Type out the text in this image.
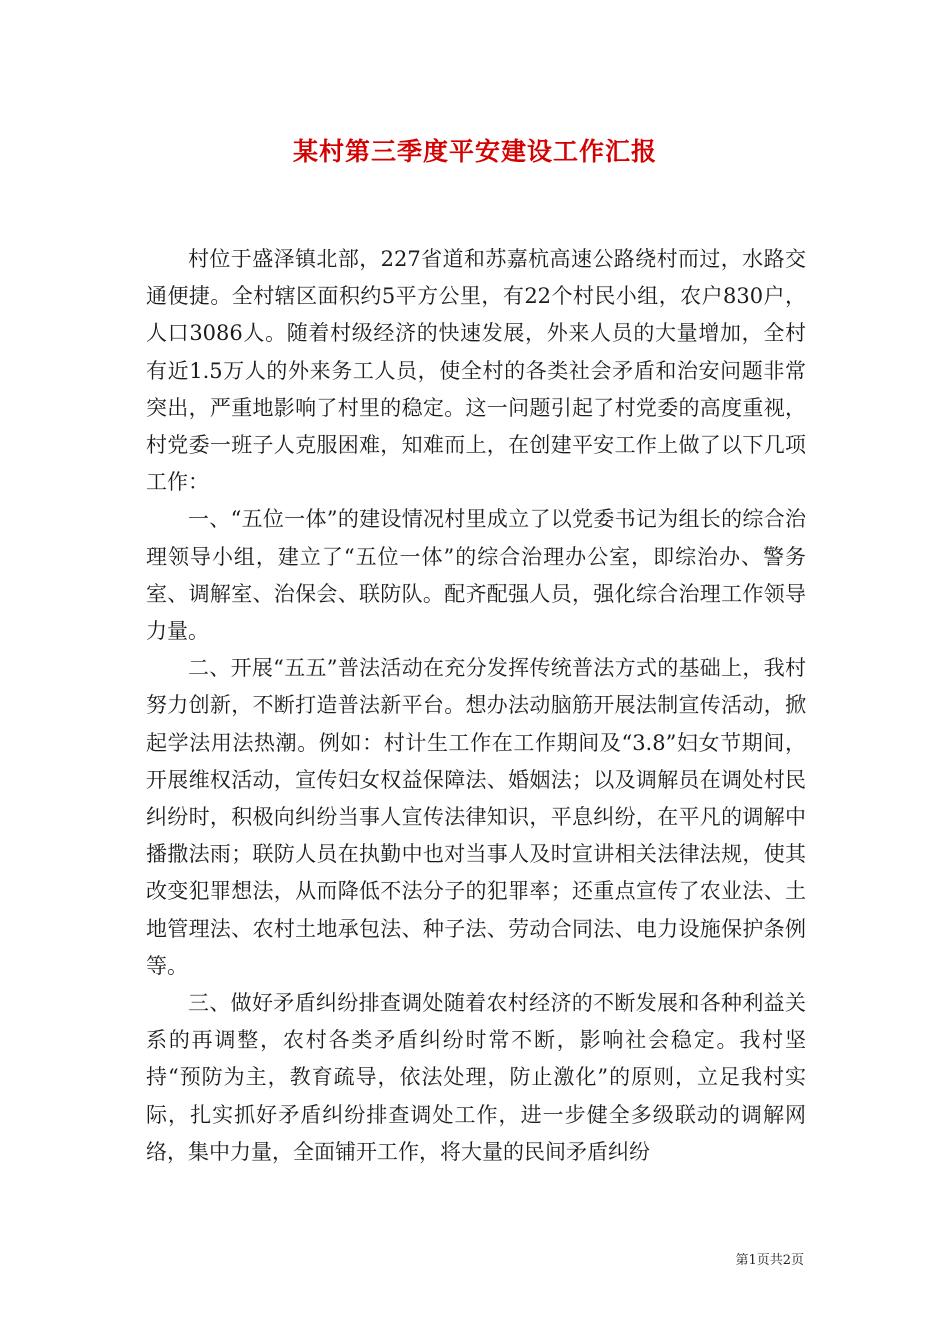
某村第三季度平安建设工作汇报

村位于盛泽镇北部，227省道和苏嘉杭高速公路绕村而过，水路交通便捷。全村辖区面积约5平方公里，有22个村民小组，农户830户，人口3086人。随着村级经济的快速发展，外来人员的大量增加，全村有近1.5万人的外来务工人员，使全村的各类社会矛盾和治安问题非常突出，严重地影响了村里的稳定。这一问题引起了村党委的高度重视，村党委一班子人克服困难，知难而上，在创建平安工作上做了以下几项工作：

一、“五位一体”的建设情况村里成立了以党委书记为组长的综合治理领导小组，建立了“五位一体”的综合治理办公室，即综治办、警务室、调解室、治保会、联防队。配齐配强人员，强化综合治理工作领导力量。

二、开展“五五”普法活动在充分发挥传统普法方式的基础上，我村努力创新，不断打造普法新平台。想办法动脑筋开展法制宣传活动，掀起学法用法热潮。例如：村计生工作在工作期间及“3.8”妇女节期间，开展维权活动，宣传妇女权益保障法、婚姻法；以及调解员在调处村民纠纷时，积极向纠纷当事人宣传法律知识，平息纠纷，在平凡的调解中播撒法雨；联防人员在执勤中也对当事人及时宣讲相关法律法规，使其改变犯罪想法，从而降低不法分子的犯罪率；还重点宣传了农业法、土地管理法、农村土地承包法、种子法、劳动合同法、电力设施保护条例等。

三、做好矛盾纠纷排查调处随着农村经济的不断发展和各种利益关系的再调整，农村各类矛盾纠纷时常不断，影响社会稳定。我村坚持“预防为主，教育疏导，依法处理，防止激化”的原则，立足我村实际，扎实抓好矛盾纠纷排查调处工作，进一步健全多级联动的调解网络，集中力量，全面铺开工作，将大量的民间矛盾纠纷

第1页共2页
